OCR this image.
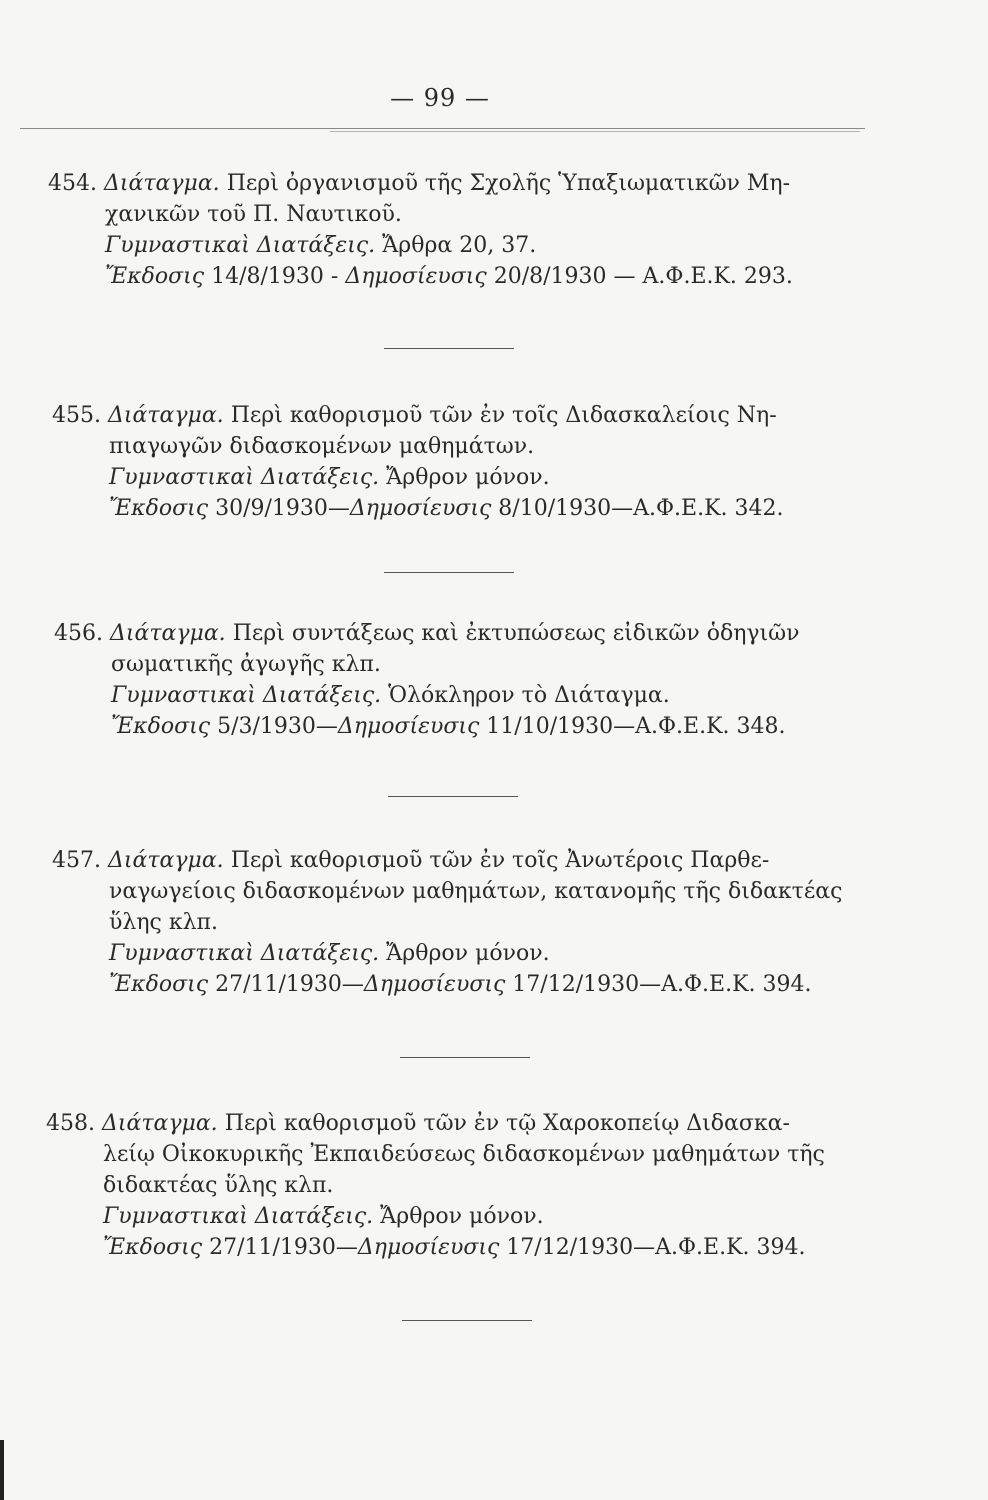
— 99 —
454. Διάταγμα. Περὶ ὀργανισμοῦ τῆς Σχολῆς Ὑπαξιωματικῶν Μη-
χανικῶν τοῦ Π. Ναυτικοῦ.
Γυμναστικαὶ Διατάξεις. Ἄρθρα 20, 37.
Ἔκδοσις 14/8/1930 - Δημοσίευσις 20/8/1930 — Α.Φ.Ε.Κ. 293.
455. Διάταγμα. Περὶ καθορισμοῦ τῶν ἐν τοῖς Διδασκαλείοις Νη-
πιαγωγῶν διδασκομένων μαθημάτων.
Γυμναστικαὶ Διατάξεις. Ἄρθρον μόνον.
Ἔκδοσις 30/9/1930—Δημοσίευσις 8/10/1930—Α.Φ.Ε.Κ. 342.
456. Διάταγμα. Περὶ συντάξεως καὶ ἐκτυπώσεως εἰδικῶν ὁδηγιῶν
σωματικῆς ἀγωγῆς κλπ.
Γυμναστικαὶ Διατάξεις. Ὁλόκληρον τὸ Διάταγμα.
Ἔκδοσις 5/3/1930—Δημοσίευσις 11/10/1930—Α.Φ.Ε.Κ. 348.
457. Διάταγμα. Περὶ καθορισμοῦ τῶν ἐν τοῖς Ἀνωτέροις Παρθε-
ναγωγείοις διδασκομένων μαθημάτων, κατανομῆς τῆς διδακτέας
ὕλης κλπ.
Γυμναστικαὶ Διατάξεις. Ἄρθρον μόνον.
Ἔκδοσις 27/11/1930—Δημοσίευσις 17/12/1930—Α.Φ.Ε.Κ. 394.
458. Διάταγμα. Περὶ καθορισμοῦ τῶν ἐν τῷ Χαροκοπείῳ Διδασκα-
λείῳ Οἰκοκυρικῆς Ἐκπαιδεύσεως διδασκομένων μαθημάτων τῆς
διδακτέας ὕλης κλπ.
Γυμναστικαὶ Διατάξεις. Ἄρθρον μόνον.
Ἔκδοσις 27/11/1930—Δημοσίευσις 17/12/1930—Α.Φ.Ε.Κ. 394.
